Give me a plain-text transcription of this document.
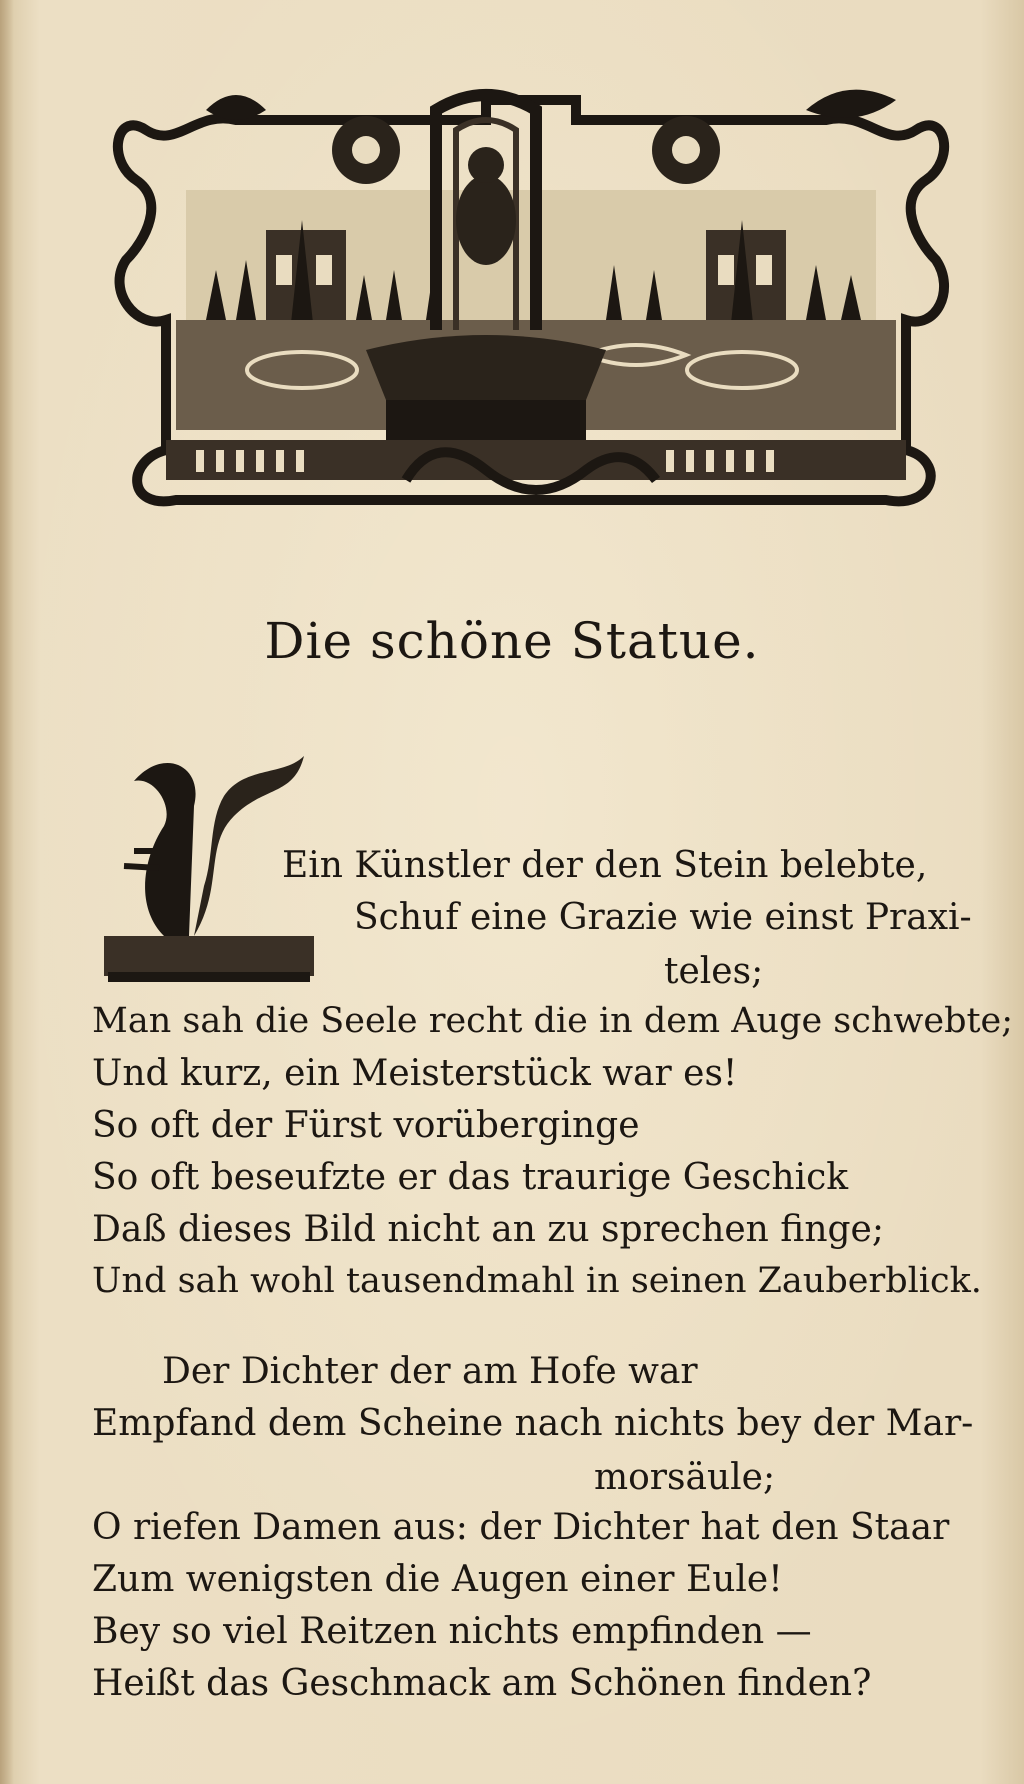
Die schöne Statue.
K Ein Künstler der den Stein belebte,
Schuf eine Grazie wie einst Praxi-
teles;
Man sah die Seele recht die in dem Auge schwebte;
Und kurz, ein Meisterstück war es!
So oft der Fürst vorüberginge
So oft beseufzte er das traurige Geschick
Daß dieses Bild nicht an zu sprechen finge;
Und sah wohl tausendmahl in seinen Zauberblick.
Der Dichter der am Hofe war
Empfand dem Scheine nach nichts bey der Mar-
morsäule;
O riefen Damen aus: der Dichter hat den Staar
Zum wenigsten die Augen einer Eule!
Bey so viel Reitzen nichts empfinden —
Heißt das Geschmack am Schönen finden?
